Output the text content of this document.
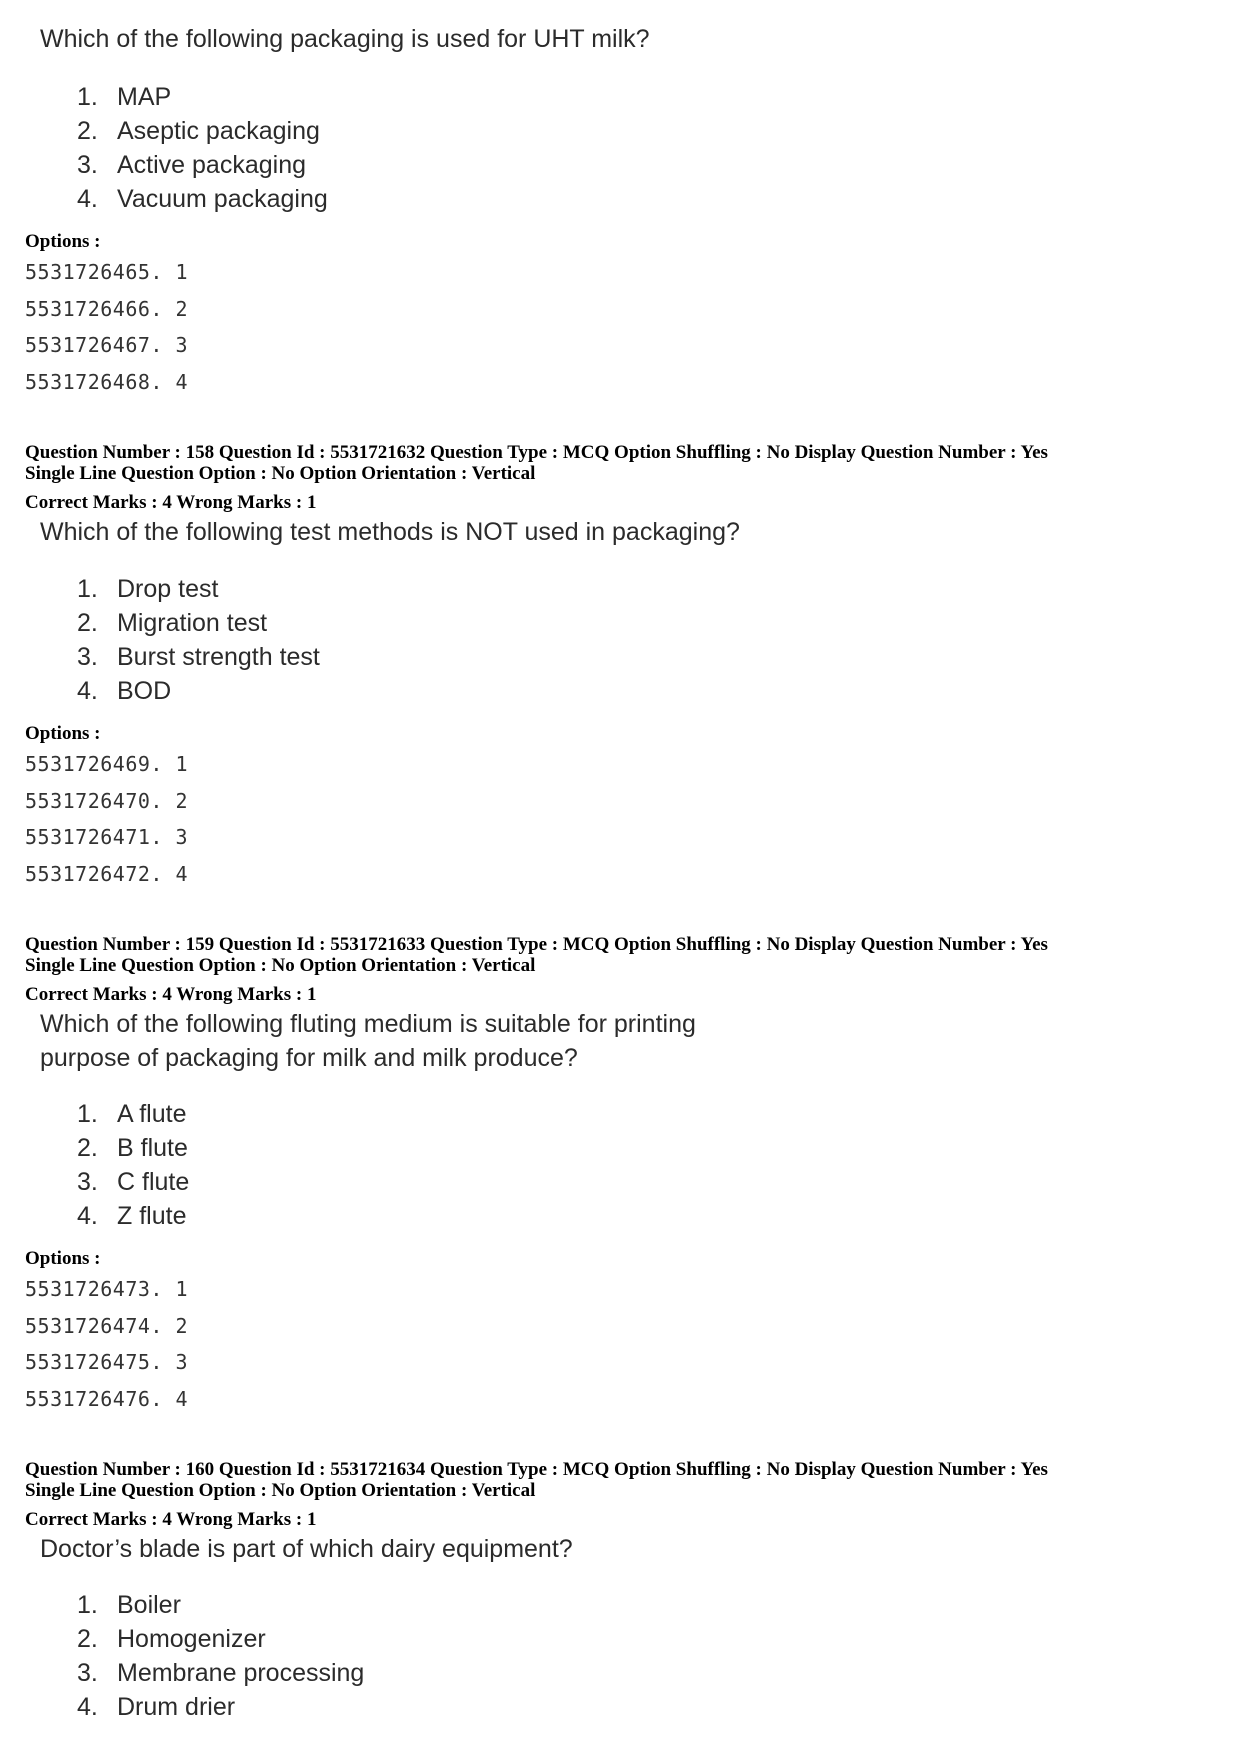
Which of the following packaging is used for UHT milk?
1. MAP
2. Aseptic packaging
3. Active packaging
4. Vacuum packaging
Options :
5531726465. 1
5531726466. 2
5531726467. 3
5531726468. 4
Question Number : 158 Question Id : 5531721632 Question Type : MCQ Option Shuffling : No Display Question Number : Yes
Single Line Question Option : No Option Orientation : Vertical
Correct Marks : 4 Wrong Marks : 1
Which of the following test methods is NOT used in packaging?
1. Drop test
2. Migration test
3. Burst strength test
4. BOD
Options :
5531726469. 1
5531726470. 2
5531726471. 3
5531726472. 4
Question Number : 159 Question Id : 5531721633 Question Type : MCQ Option Shuffling : No Display Question Number : Yes
Single Line Question Option : No Option Orientation : Vertical
Correct Marks : 4 Wrong Marks : 1
Which of the following fluting medium is suitable for printing
purpose of packaging for milk and milk produce?
1. A flute
2. B flute
3. C flute
4. Z flute
Options :
5531726473. 1
5531726474. 2
5531726475. 3
5531726476. 4
Question Number : 160 Question Id : 5531721634 Question Type : MCQ Option Shuffling : No Display Question Number : Yes
Single Line Question Option : No Option Orientation : Vertical
Correct Marks : 4 Wrong Marks : 1
Doctor’s blade is part of which dairy equipment?
1. Boiler
2. Homogenizer
3. Membrane processing
4. Drum drier
